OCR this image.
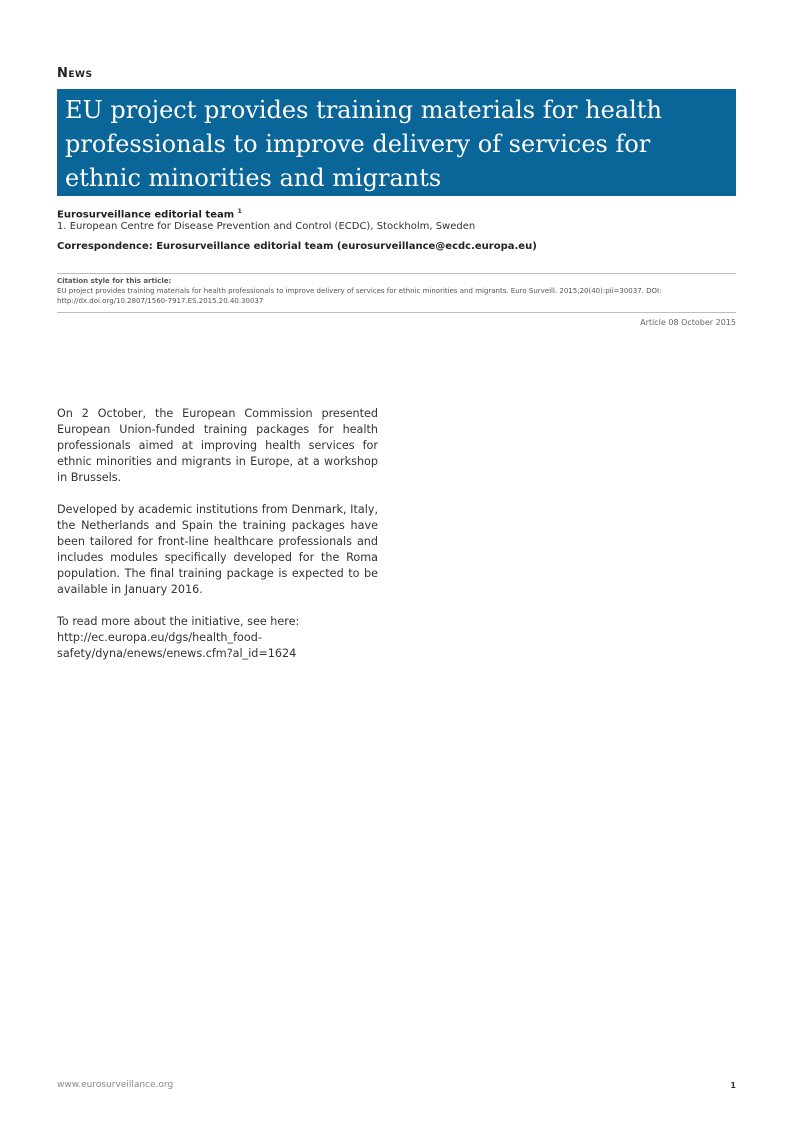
News
EU project provides training materials for health professionals to improve delivery of services for ethnic minorities and migrants
Eurosurveillance editorial team $^1$
1. European Centre for Disease Prevention and Control (ECDC), Stockholm, Sweden
Correspondence: Eurosurveillance editorial team (eurosurveillance@ecdc.europa.eu)
Citation style for this article:
EU project provides training materials for health professionals to improve delivery of services for ethnic minorities and migrants. Euro Surveill. 2015;20(40):pii=30037. DOI: http://dx.doi.org/10.2807/1560-7917.ES.2015.20.40.30037
Article 08 October 2015

On 2 October, the European Commission presented European Union-funded training packages for health professionals aimed at improving health services for ethnic minorities and migrants in Europe, at a workshop in Brussels.

Developed by academic institutions from Denmark, Italy, the Netherlands and Spain the training packages have been tailored for front-line healthcare professionals and includes modules specifically developed for the Roma population. The final training package is expected to be available in January 2016.

To read more about the initiative, see here: http://ec.europa.eu/dgs/health_food-safety/dyna/enews/enews.cfm?al_id=1624

www.eurosurveillance.org	1
